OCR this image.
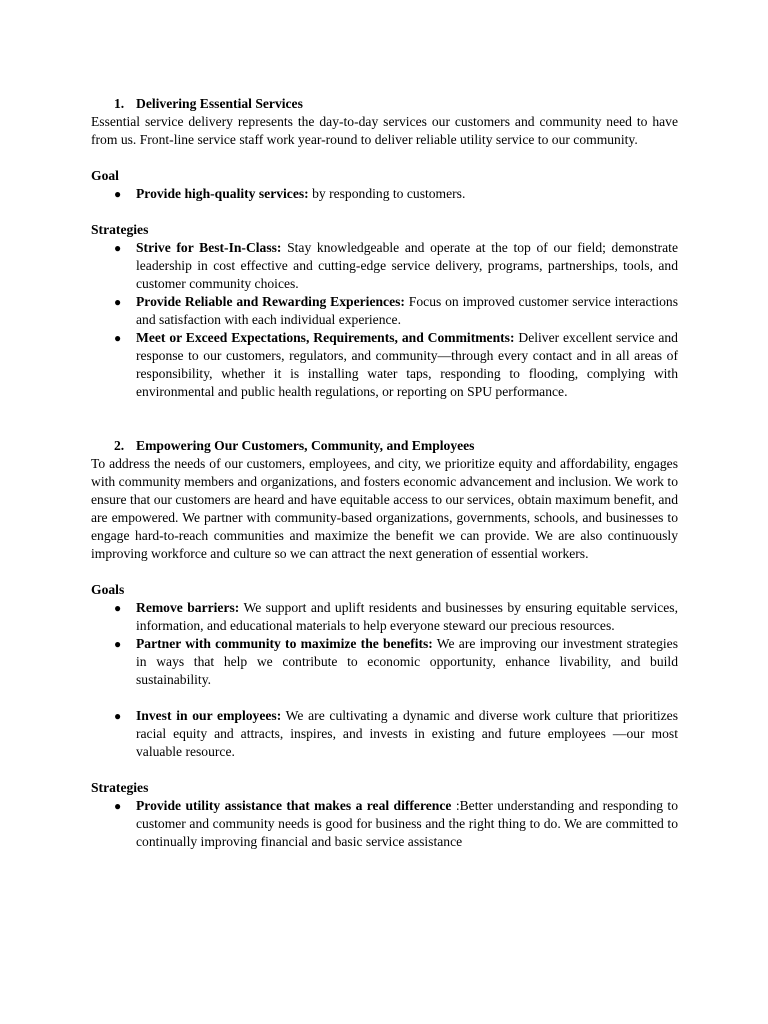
1. Delivering Essential Services

Essential service delivery represents the day-to-day services our customers and community need to have from us. Front-line service staff work year-round to deliver reliable utility service to our community.

Goal

● Provide high-quality services: by responding to customers.

Strategies

● Strive for Best-In-Class: Stay knowledgeable and operate at the top of our field; demonstrate leadership in cost effective and cutting-edge service delivery, programs, partnerships, tools, and customer community choices.
● Provide Reliable and Rewarding Experiences: Focus on improved customer service interactions and satisfaction with each individual experience.
● Meet or Exceed Expectations, Requirements, and Commitments: Deliver excellent service and response to our customers, regulators, and community—through every contact and in all areas of responsibility, whether it is installing water taps, responding to flooding, complying with environmental and public health regulations, or reporting on SPU performance.

2. Empowering Our Customers, Community, and Employees

To address the needs of our customers, employees, and city, we prioritize equity and affordability, engages with community members and organizations, and fosters economic advancement and inclusion. We work to ensure that our customers are heard and have equitable access to our services, obtain maximum benefit, and are empowered. We partner with community-based organizations, governments, schools, and businesses to engage hard-to-reach communities and maximize the benefit we can provide. We are also continuously improving workforce and culture so we can attract the next generation of essential workers.

Goals

● Remove barriers: We support and uplift residents and businesses by ensuring equitable services, information, and educational materials to help everyone steward our precious resources.
● Partner with community to maximize the benefits: We are improving our investment strategies in ways that help we contribute to economic opportunity, enhance livability, and build sustainability.
● Invest in our employees: We are cultivating a dynamic and diverse work culture that prioritizes racial equity and attracts, inspires, and invests in existing and future employees —our most valuable resource.

Strategies

● Provide utility assistance that makes a real difference :Better understanding and responding to customer and community needs is good for business and the right thing to do. We are committed to continually improving financial and basic service assistance
